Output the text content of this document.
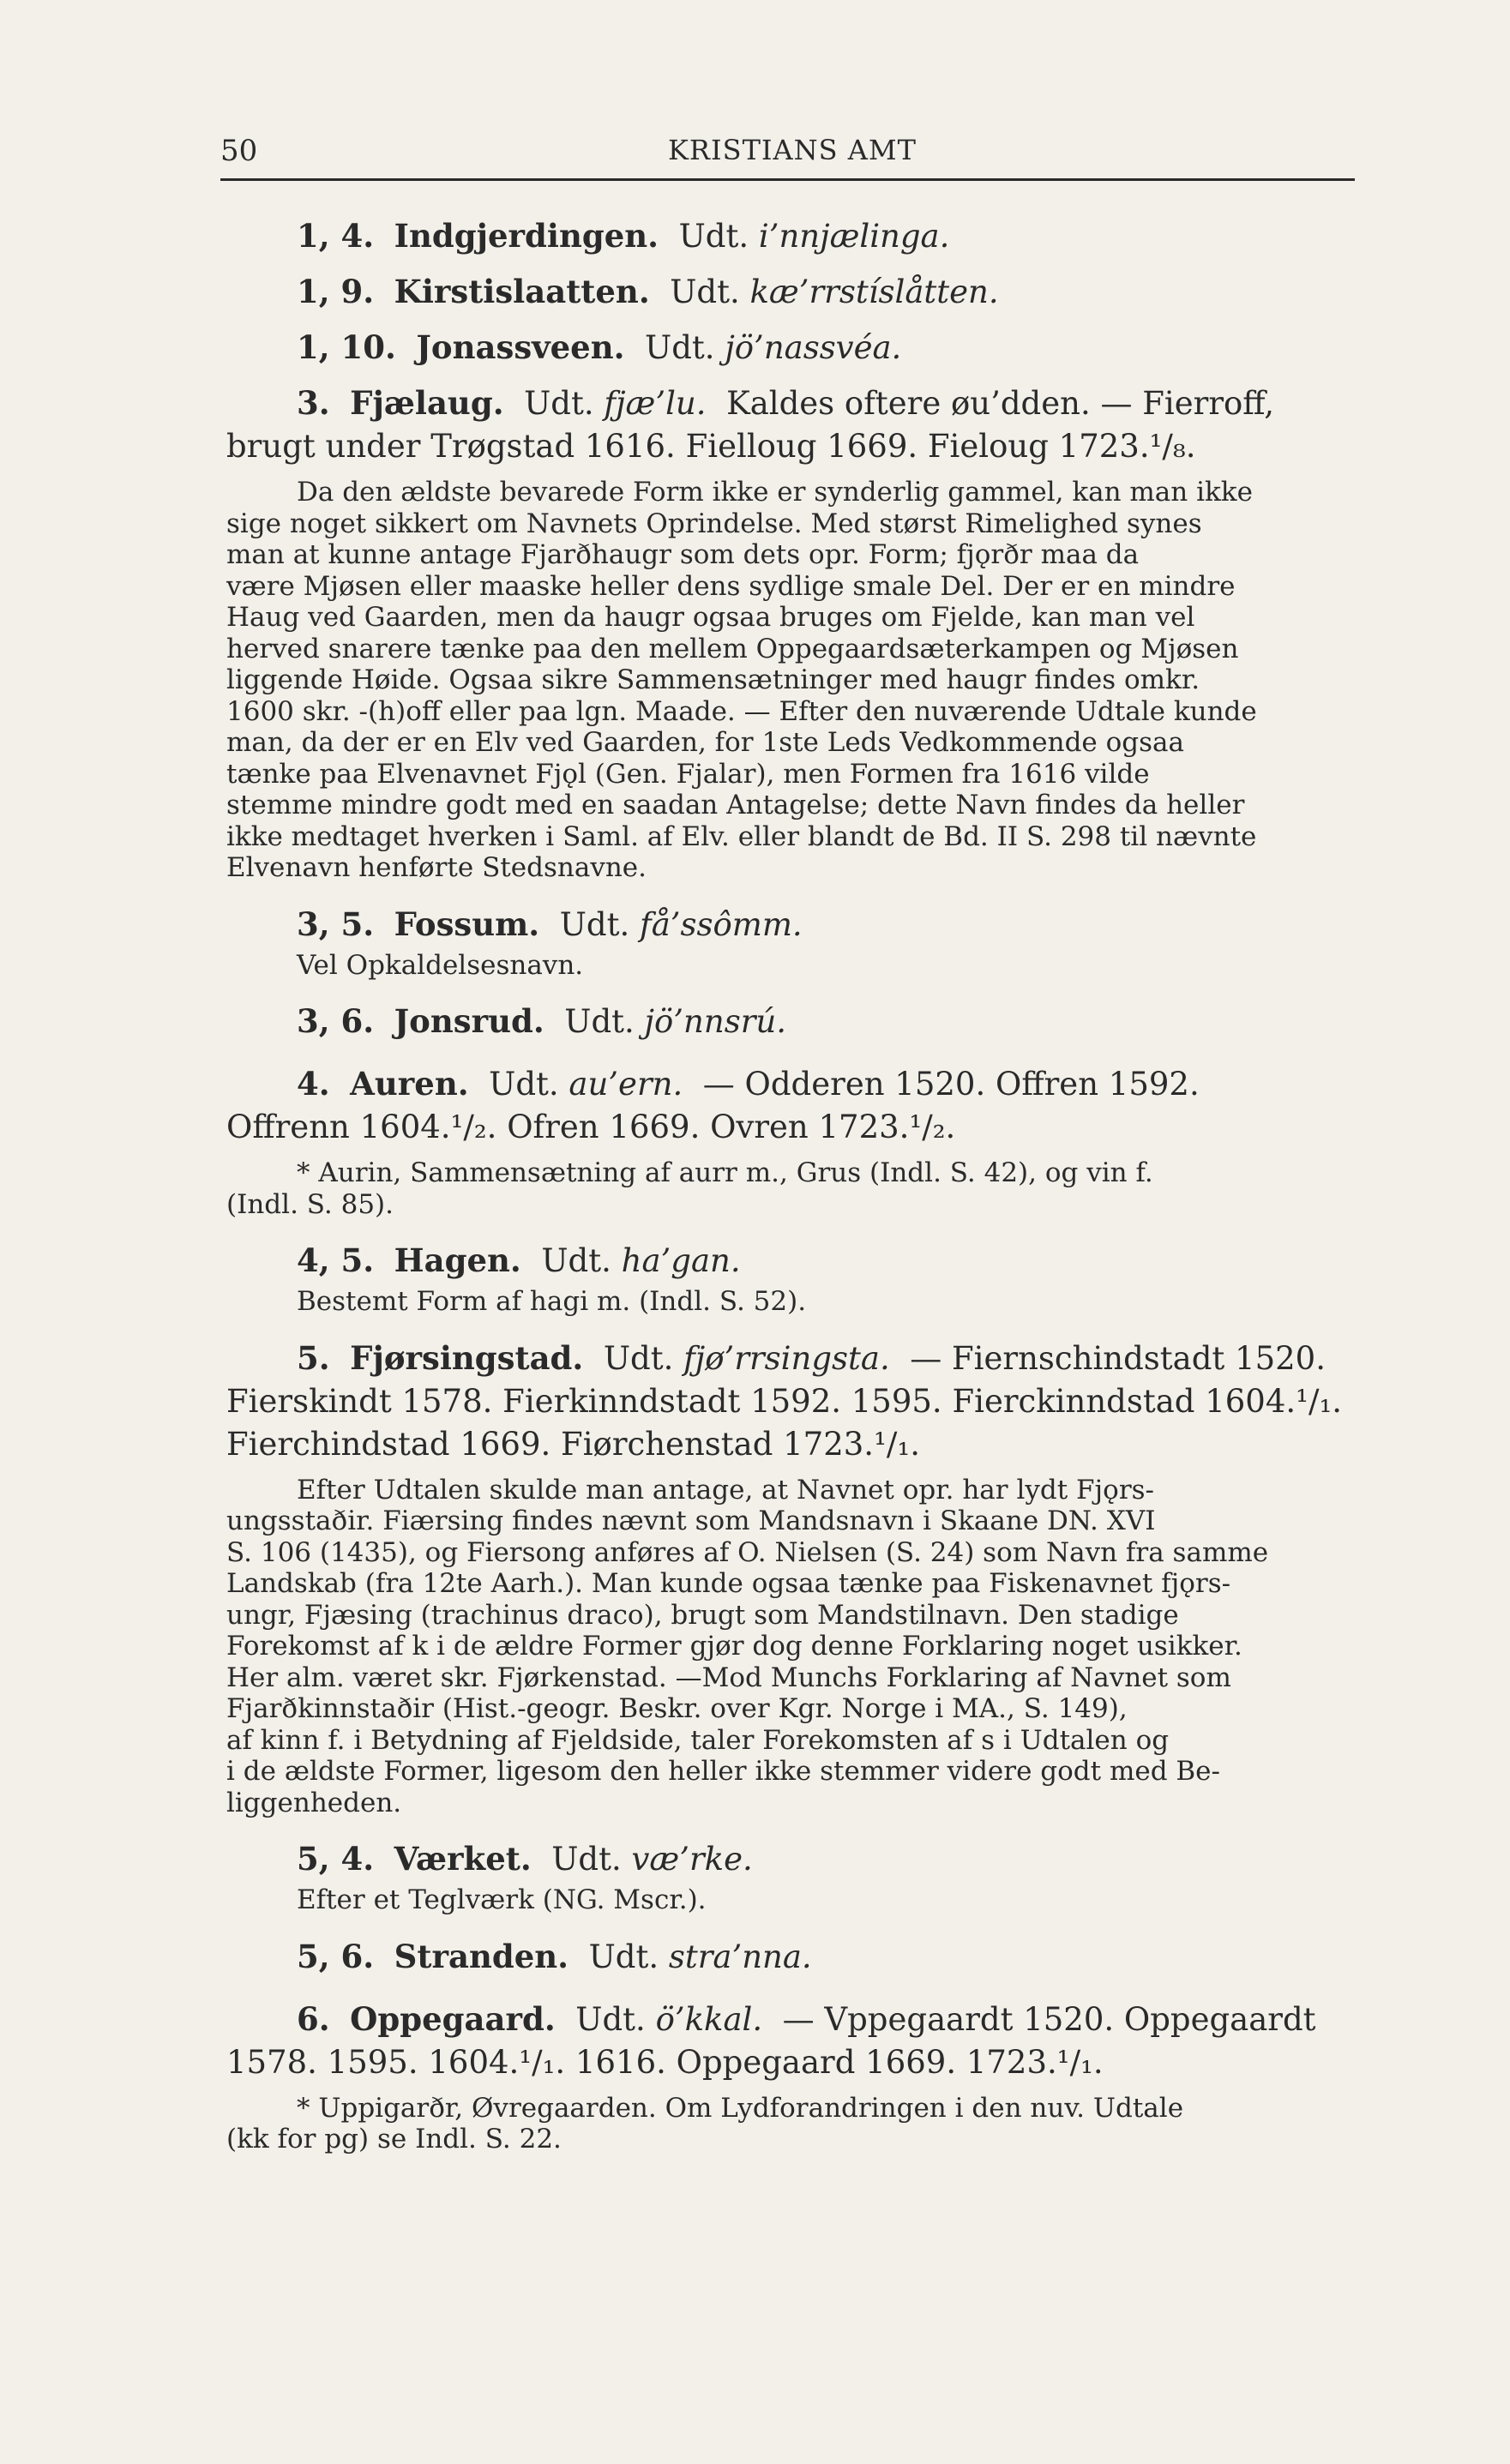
50	KRISTIANS AMT
1, 4. Indgjerdingen. Udt. i’nnjælinga.
1, 9. Kirstislaatten. Udt. kæ’rrstíslåtten.
1, 10. Jonassveen. Udt. jö’nassvéa.
3. Fjælaug. Udt. fjæ’lu. Kaldes oftere øu’dden. — Fierroff,
brugt under Trøgstad 1616. Fielloug 1669. Fieloug 1723.¹/₈.
Da den ældste bevarede Form ikke er synderlig gammel, kan man ikke
sige noget sikkert om Navnets Oprindelse. Med størst Rimelighed synes
man at kunne antage Fjarðhaugr som dets opr. Form; fjǫrðr maa da
være Mjøsen eller maaske heller dens sydlige smale Del. Der er en mindre
Haug ved Gaarden, men da haugr ogsaa bruges om Fjelde, kan man vel
herved snarere tænke paa den mellem Oppegaardsæterkampen og Mjøsen
liggende Høide. Ogsaa sikre Sammensætninger med haugr findes omkr.
1600 skr. -(h)off eller paa lgn. Maade. — Efter den nuværende Udtale kunde
man, da der er en Elv ved Gaarden, for 1ste Leds Vedkommende ogsaa
tænke paa Elvenavnet Fjǫl (Gen. Fjalar), men Formen fra 1616 vilde
stemme mindre godt med en saadan Antagelse; dette Navn findes da heller
ikke medtaget hverken i Saml. af Elv. eller blandt de Bd. II S. 298 til nævnte
Elvenavn henførte Stedsnavne.
3, 5. Fossum. Udt. få’ssômm.
Vel Opkaldelsesnavn.
3, 6. Jonsrud. Udt. jö’nnsrú.
4. Auren. Udt. au’ern. — Odderen 1520. Offren 1592.
Offrenn 1604.¹/₂. Ofren 1669. Ovren 1723.¹/₂.
* Aurin, Sammensætning af aurr m., Grus (Indl. S. 42), og vin f.
(Indl. S. 85).
4, 5. Hagen. Udt. ha’gan.
Bestemt Form af hagi m. (Indl. S. 52).
5. Fjørsingstad. Udt. fjø’rrsingsta. — Fiernschindstadt 1520.
Fierskindt 1578. Fierkinndstadt 1592. 1595. Fierckinndstad 1604.¹/₁.
Fierchindstad 1669. Fiørchenstad 1723.¹/₁.
Efter Udtalen skulde man antage, at Navnet opr. har lydt Fjǫrs-
ungsstaðir. Fiærsing findes nævnt som Mandsnavn i Skaane DN. XVI
S. 106 (1435), og Fiersong anføres af O. Nielsen (S. 24) som Navn fra samme
Landskab (fra 12te Aarh.). Man kunde ogsaa tænke paa Fiskenavnet fjǫrs-
ungr, Fjæsing (trachinus draco), brugt som Mandstilnavn. Den stadige
Forekomst af k i de ældre Former gjør dog denne Forklaring noget usikker.
Her alm. været skr. Fjørkenstad. —Mod Munchs Forklaring af Navnet som
Fjarðkinnstaðir (Hist.-geogr. Beskr. over Kgr. Norge i MA., S. 149),
af kinn f. i Betydning af Fjeldside, taler Forekomsten af s i Udtalen og
i de ældste Former, ligesom den heller ikke stemmer videre godt med Be-
liggenheden.
5, 4. Værket. Udt. væ’rke.
Efter et Teglværk (NG. Mscr.).
5, 6. Stranden. Udt. stra’nna.
6. Oppegaard. Udt. ö’kkal. — Vppegaardt 1520. Oppegaardt
1578. 1595. 1604.¹/₁. 1616. Oppegaard 1669. 1723.¹/₁.
* Uppigarðr, Øvregaarden. Om Lydforandringen i den nuv. Udtale
(kk for pg) se Indl. S. 22.
